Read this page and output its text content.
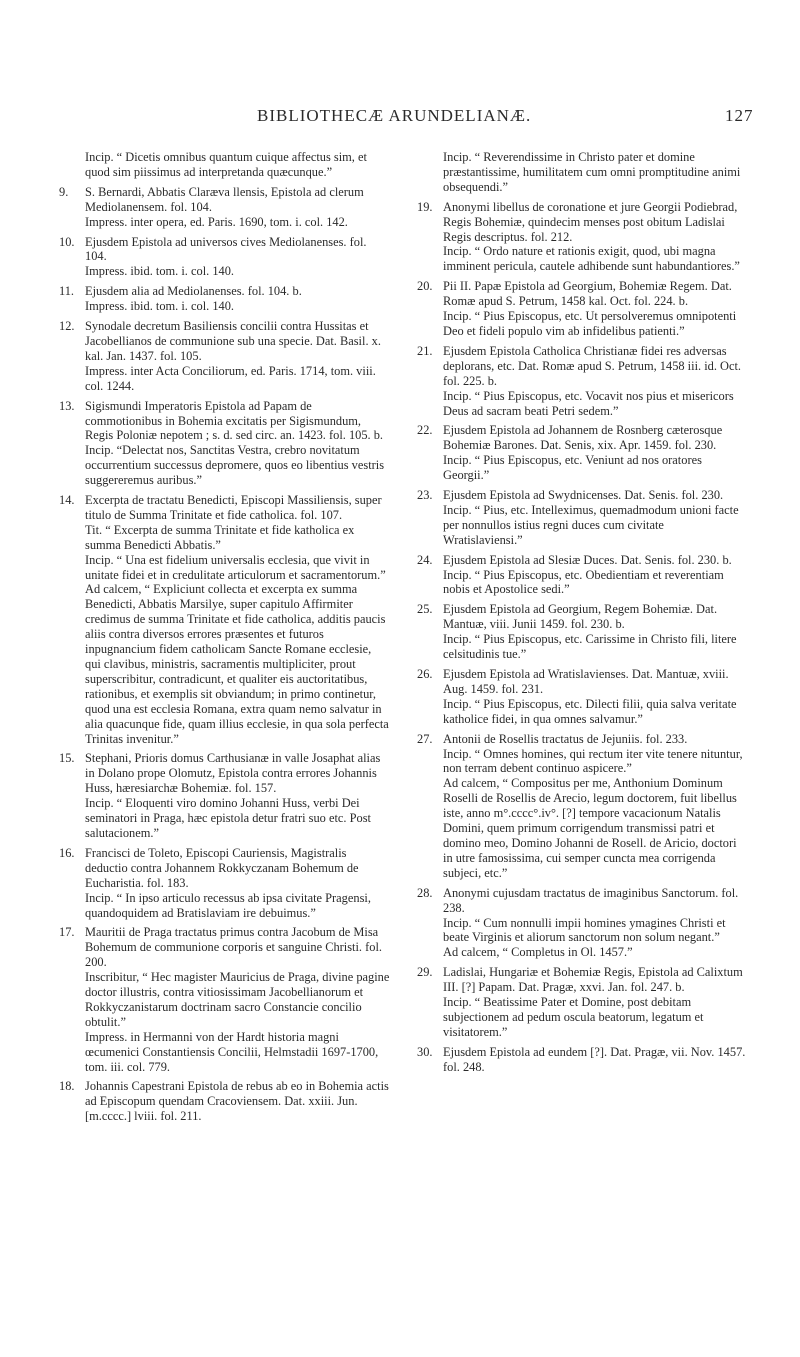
BIBLIOTHECÆ ARUNDELIANÆ.	127

Incip. “ Dicetis omnibus quantum cuique affectus sim, et quod sim piissimus ad interpretanda quæcunque.”

9. S. Bernardi, Abbatis Claræva llensis, Epistola ad clerum Mediolanensem. fol. 104.

Impress. inter opera, ed. Paris. 1690, tom. i. col. 142.

10. Ejusdem Epistola ad universos cives Mediolanenses. fol. 104.

Impress. ibid. tom. i. col. 140.

11. Ejusdem alia ad Mediolanenses. fol. 104. b.

Impress. ibid. tom. i. col. 140.

12. Synodale decretum Basiliensis concilii contra Hussitas et Jacobellianos de communione sub una specie. Dat. Basil. x. kal. Jan. 1437. fol. 105.

Impress. inter Acta Conciliorum, ed. Paris. 1714, tom. viii. col. 1244.

13. Sigismundi Imperatoris Epistola ad Papam de commotionibus in Bohemia excitatis per Sigismundum, Regis Poloniæ nepotem ; s. d. sed circ. an. 1423. fol. 105. b.

Incip. “Delectat nos, Sanctitas Vestra, crebro novitatum occurrentium successus depromere, quos eo libentius vestris suggereremus auribus.”

14. Excerpta de tractatu Benedicti, Episcopi Massiliensis, super titulo de Summa Trinitate et fide catholica. fol. 107.

Tit. “ Excerpta de summa Trinitate et fide katholica ex summa Benedicti Abbatis.”

Incip. “ Una est fidelium universalis ecclesia, que vivit in unitate fidei et in credulitate articulorum et sacramentorum.”

Ad calcem, “ Expliciunt collecta et excerpta ex summa Benedicti, Abbatis Marsilye, super capitulo Affirmiter credimus de summa Trinitate et fide catholica, additis paucis aliis contra diversos errores præsentes et futuros inpugnancium fidem catholicam Sancte Romane ecclesie, qui clavibus, ministris, sacramentis multipliciter, prout superscribitur, contradicunt, et qualiter eis auctoritatibus, rationibus, et exemplis sit obviandum; in primo continetur, quod una est ecclesia Romana, extra quam nemo salvatur in alia quacunque fide, quam illius ecclesie, in qua sola perfecta Trinitas invenitur.”

15. Stephani, Prioris domus Carthusianæ in valle Josaphat alias in Dolano prope Olomutz, Epistola contra errores Johannis Huss, hæresiarchæ Bohemiæ. fol. 157.

Incip. “ Eloquenti viro domino Johanni Huss, verbi Dei seminatori in Praga, hæc epistola detur fratri suo etc. Post salutacionem.”

16. Francisci de Toleto, Episcopi Cauriensis, Magistralis deductio contra Johannem Rokkyczanam Bohemum de Eucharistia. fol. 183.

Incip. “ In ipso articulo recessus ab ipsa civitate Pragensi, quandoquidem ad Bratislaviam ire debuimus.”

17. Mauritii de Praga tractatus primus contra Jacobum de Misa Bohemum de communione corporis et sanguine Christi. fol. 200.

Inscribitur, “ Hec magister Mauricius de Praga, divine pagine doctor illustris, contra vitiosissimam Jacobellianorum et Rokkyczanistarum doctrinam sacro Constancie concilio obtulit.”

Impress. in Hermanni von der Hardt historia magni œcumenici Constantiensis Concilii, Helmstadii 1697-1700, tom. iii. col. 779.

18. Johannis Capestrani Epistola de rebus ab eo in Bohemia actis ad Episcopum quendam Cracoviensem. Dat. xxiii. Jun. [m.cccc.] lviii. fol. 211.

Incip. “ Reverendissime in Christo pater et domine præstantissime, humilitatem cum omni promptitudine animi obsequendi.”

19. Anonymi libellus de coronatione et jure Georgii Podiebrad, Regis Bohemiæ, quindecim menses post obitum Ladislai Regis descriptus. fol. 212.

Incip. “ Ordo nature et rationis exigit, quod, ubi magna imminent pericula, cautele adhibende sunt habundantiores.”

20. Pii II. Papæ Epistola ad Georgium, Bohemiæ Regem. Dat. Romæ apud S. Petrum, 1458 kal. Oct. fol. 224. b.

Incip. “ Pius Episcopus, etc. Ut persolveremus omnipotenti Deo et fideli populo vim ab infidelibus patienti.”

21. Ejusdem Epistola Catholica Christianæ fidei res adversas deplorans, etc. Dat. Romæ apud S. Petrum, 1458 iii. id. Oct. fol. 225. b.

Incip. “ Pius Episcopus, etc. Vocavit nos pius et misericors Deus ad sacram beati Petri sedem.”

22. Ejusdem Epistola ad Johannem de Rosnberg cæterosque Bohemiæ Barones. Dat. Senis, xix. Apr. 1459. fol. 230.

Incip. “ Pius Episcopus, etc. Veniunt ad nos oratores Georgii.”

23. Ejusdem Epistola ad Swydnicenses. Dat. Senis. fol. 230.

Incip. “ Pius, etc. Intelleximus, quemadmodum unioni facte per nonnullos istius regni duces cum civitate Wratislaviensi.”

24. Ejusdem Epistola ad Slesiæ Duces. Dat. Senis. fol. 230. b.

Incip. “ Pius Episcopus, etc. Obedientiam et reverentiam nobis et Apostolice sedi.”

25. Ejusdem Epistola ad Georgium, Regem Bohemiæ. Dat. Mantuæ, viii. Junii 1459. fol. 230. b.

Incip. “ Pius Episcopus, etc. Carissime in Christo fili, litere celsitudinis tue.”

26. Ejusdem Epistola ad Wratislavienses. Dat. Mantuæ, xviii. Aug. 1459. fol. 231.

Incip. “ Pius Episcopus, etc. Dilecti filii, quia salva veritate katholice fidei, in qua omnes salvamur.”

27. Antonii de Rosellis tractatus de Jejuniis. fol. 233.

Incip. “ Omnes homines, qui rectum iter vite tenere nituntur, non terram debent continuo aspicere.”

Ad calcem, “ Compositus per me, Anthonium Dominum Roselli de Rosellis de Arecio, legum doctorem, fuit libellus iste, anno m°.cccc°.iv°. [?] tempore vacacionum Natalis Domini, quem primum corrigendum transmissi patri et domino meo, Domino Johanni de Rosell. de Aricio, doctori in utre famosissima, cui semper cuncta mea corrigenda subjeci, etc.”

28. Anonymi cujusdam tractatus de imaginibus Sanctorum. fol. 238.

Incip. “ Cum nonnulli impii homines ymagines Christi et beate Virginis et aliorum sanctorum non solum negant.”

Ad calcem, “ Completus in Ol. 1457.”

29. Ladislai, Hungariæ et Bohemiæ Regis, Epistola ad Calixtum III. [?] Papam. Dat. Pragæ, xxvi. Jan. fol. 247. b.

Incip. “ Beatissime Pater et Domine, post debitam subjectionem ad pedum oscula beatorum, legatum et visitatorem.”

30. Ejusdem Epistola ad eundem [?]. Dat. Pragæ, vii. Nov. 1457. fol. 248.
